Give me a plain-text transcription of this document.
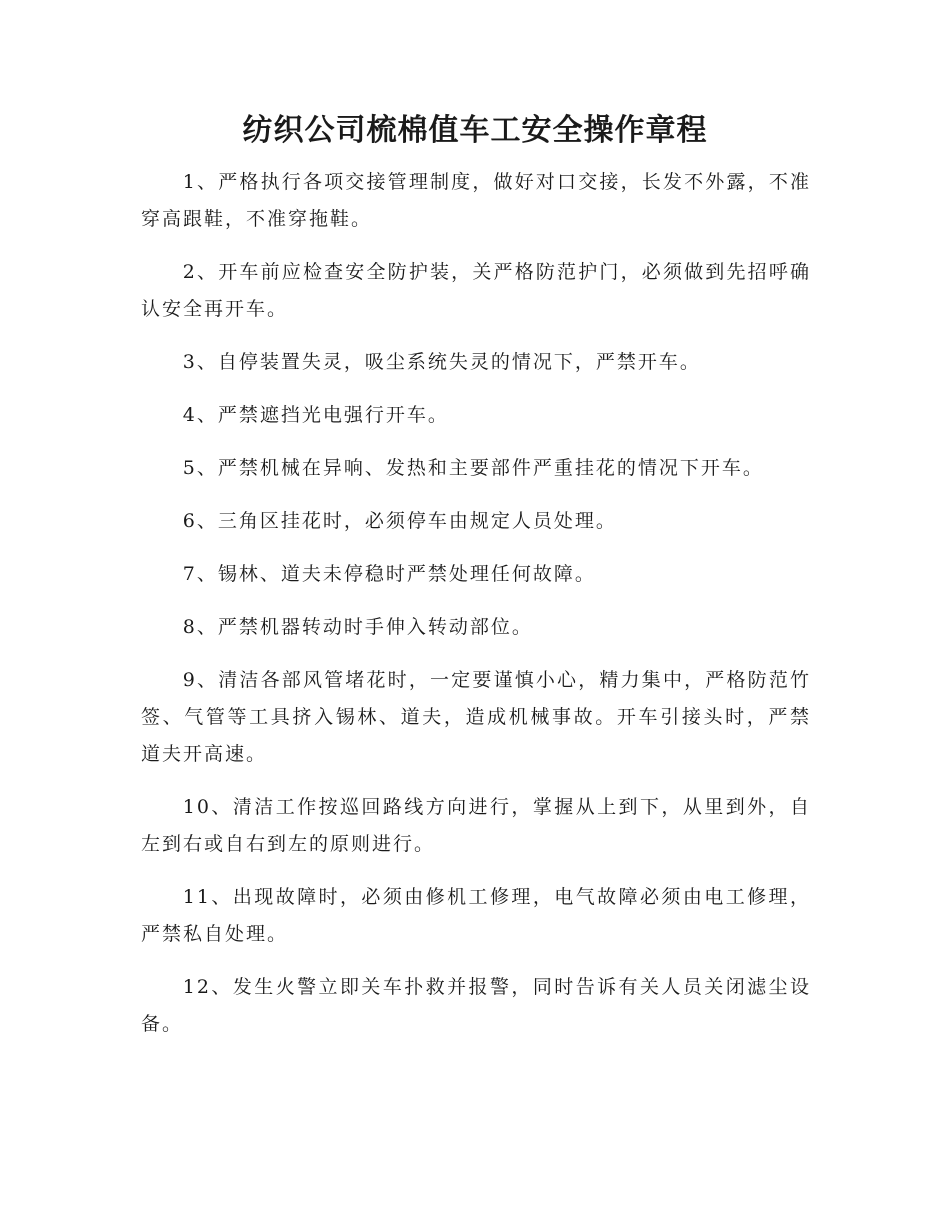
纺织公司梳棉值车工安全操作章程

1、严格执行各项交接管理制度，做好对口交接，长发不外露，不准穿高跟鞋，不准穿拖鞋。

2、开车前应检查安全防护装，关严格防范护门，必须做到先招呼确认安全再开车。

3、自停装置失灵，吸尘系统失灵的情况下，严禁开车。

4、严禁遮挡光电强行开车。

5、严禁机械在异响、发热和主要部件严重挂花的情况下开车。

6、三角区挂花时，必须停车由规定人员处理。

7、锡林、道夫未停稳时严禁处理任何故障。

8、严禁机器转动时手伸入转动部位。

9、清洁各部风管堵花时，一定要谨慎小心，精力集中，严格防范竹签、气管等工具挤入锡林、道夫，造成机械事故。开车引接头时，严禁道夫开高速。

10、清洁工作按巡回路线方向进行，掌握从上到下，从里到外，自左到右或自右到左的原则进行。

11、出现故障时，必须由修机工修理，电气故障必须由电工修理，严禁私自处理。

12、发生火警立即关车扑救并报警，同时告诉有关人员关闭滤尘设备。
